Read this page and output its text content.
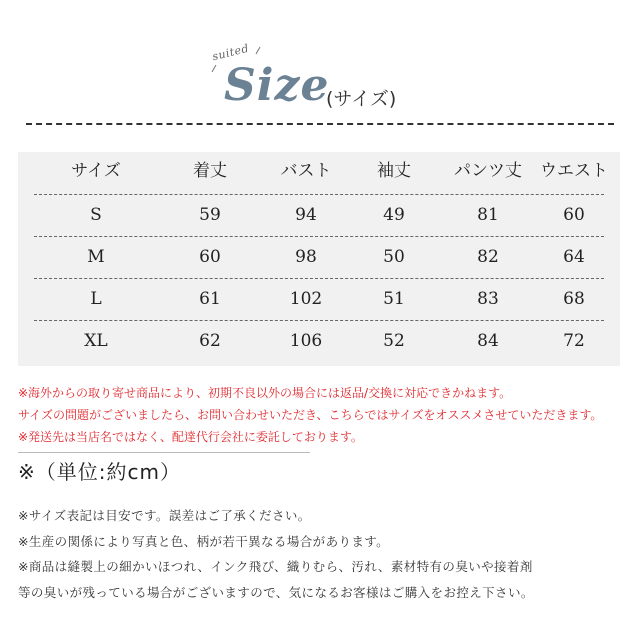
suited
Size
(サイズ)
サイズ	着丈	バスト	袖丈	パンツ丈	ウエスト
S	59	94	49	81	60
M	60	98	50	82	64
L	61	102	51	83	68
XL	62	106	52	84	72
※海外からの取り寄せ商品により、初期不良以外の場合には返品/交換に対応できかねます。
サイズの問題がございましたら、お問い合わせいただき、こちらではサイズをオススメさせていただきます。
※発送先は当店名ではなく、配達代行会社に委託しております。
※（単位:約cm）
※サイズ表記は目安です。誤差はご了承ください。
※生産の関係により写真と色、柄が若干異なる場合があります。
※商品は縫製上の細かいほつれ、インク飛び、織りむら、汚れ、素材特有の臭いや接着剤
等の臭いが残っている場合がございますので、気になるお客様はご購入をお控え下さい。
